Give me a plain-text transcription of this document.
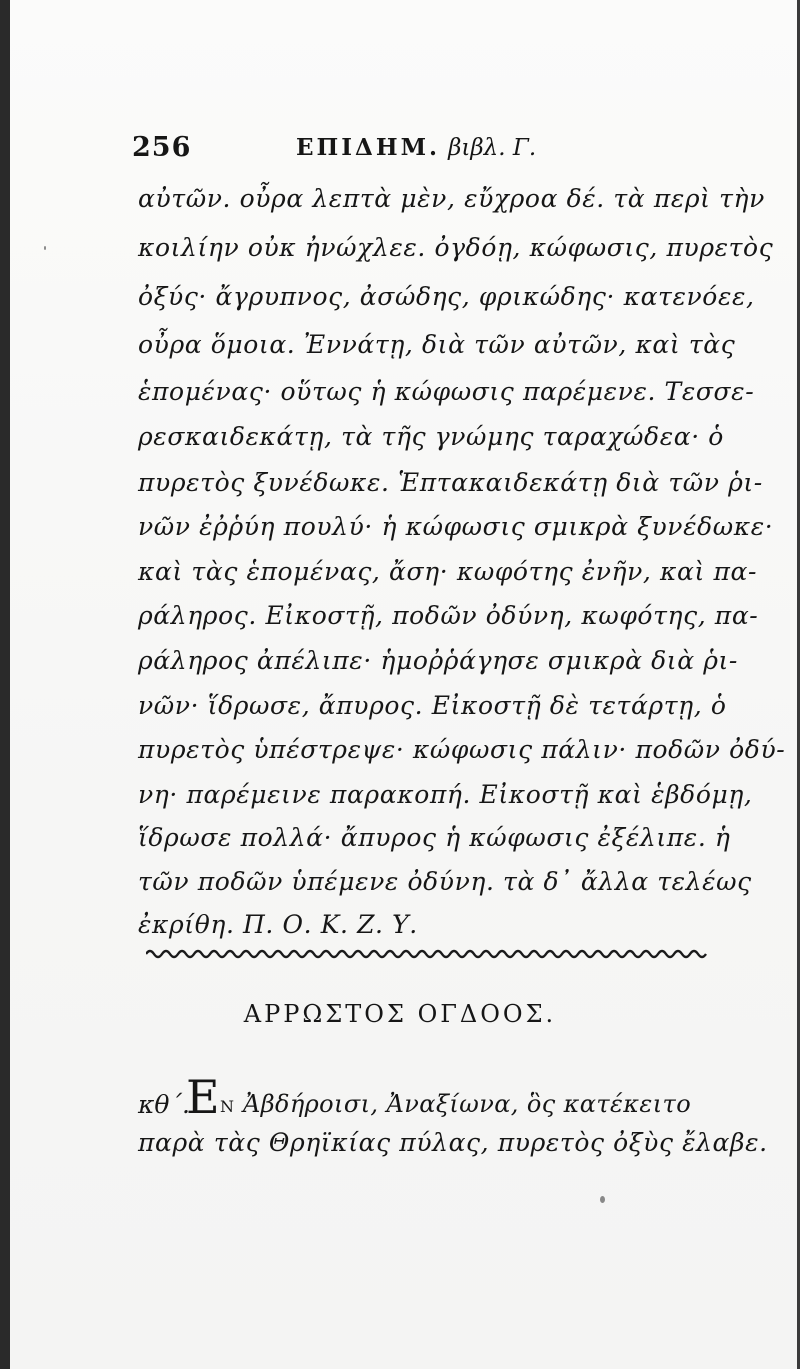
256	ΕΠΙΔΗΜ. βιβλ. Γ.

αὐτῶν. οὖρα λεπτὰ μὲν, εὔχροα δέ. τὰ περὶ τὴν

κοιλίην οὐκ ἠνώχλεε. ὀγδόῃ, κώφωσις, πυρετὸς

ὀξύς· ἄγρυπνος, ἀσώδης, φρικώδης· κατενόεε,

οὖρα ὅμοια. Ἐννάτῃ, διὰ τῶν αὐτῶν, καὶ τὰς

ἑπομένας· οὕτως ἡ κώφωσις παρέμενε. Τεσσε-

ρεσκαιδεκάτῃ, τὰ τῆς γνώμης ταραχώδεα· ὁ

πυρετὸς ξυνέδωκε. Ἑπτακαιδεκάτῃ διὰ τῶν ῥι-

νῶν ἐῤῥύη πουλύ· ἡ κώφωσις σμικρὰ ξυνέδωκε·

καὶ τὰς ἑπομένας, ἄση· κωφότης ἐνῆν, καὶ πα-

ράληρος. Εἰκοστῇ, ποδῶν ὀδύνη, κωφότης, πα-

ράληρος ἀπέλιπε· ἡμοῤῥάγησε σμικρὰ διὰ ῥι-

νῶν· ἵδρωσε, ἄπυρος. Εἰκοστῇ δὲ τετάρτῃ, ὁ

πυρετὸς ὑπέστρεψε· κώφωσις πάλιν· ποδῶν ὀδύ-

νη· παρέμεινε παρακοπή. Εἰκοστῇ καὶ ἑβδόμῃ,

ἵδρωσε πολλά· ἄπυρος ἡ κώφωσις ἐξέλιπε. ἡ

τῶν ποδῶν ὑπέμενε ὀδύνη. τὰ δ᾽ ἄλλα τελέως

ἐκρίθη. Π. Ο. Κ. Ζ. Υ.

ΑΡΡΩΣΤΟΣ ΟΓΔΟΟΣ.
κθ΄.
Ε Ν Ἀβδήροισι, Ἀναξίωνα, ὃς κατέκειτο

παρὰ τὰς Θρηϊκίας πύλας, πυρετὸς ὀξὺς ἔλαβε.
